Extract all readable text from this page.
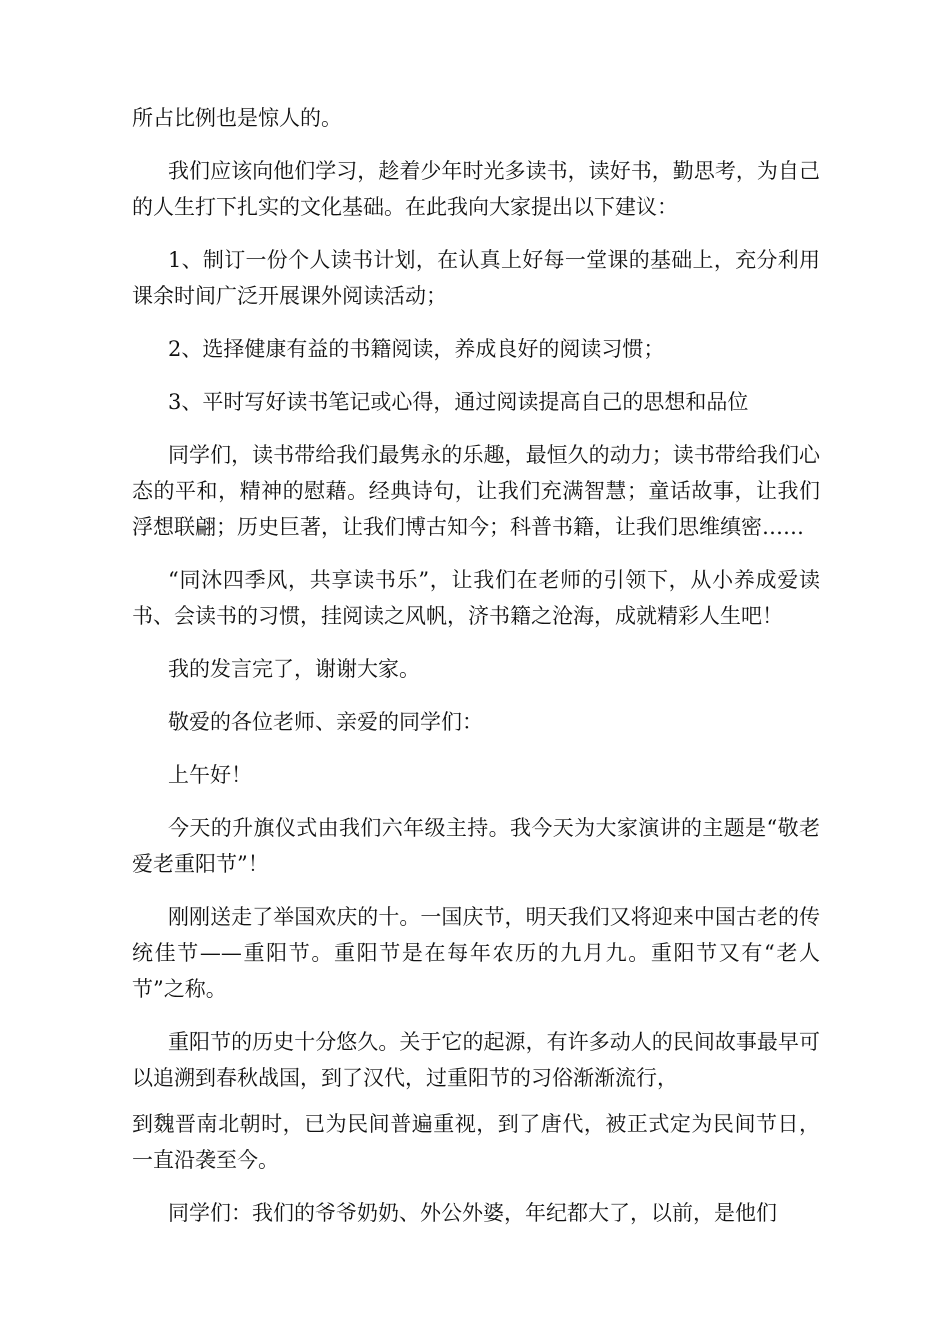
所占比例也是惊人的。

我们应该向他们学习，趁着少年时光多读书，读好书，勤思考，为自己的人生打下扎实的文化基础。在此我向大家提出以下建议：

1、制订一份个人读书计划，在认真上好每一堂课的基础上，充分利用课余时间广泛开展课外阅读活动；

2、选择健康有益的书籍阅读，养成良好的阅读习惯；

3、平时写好读书笔记或心得，通过阅读提高自己的思想和品位

同学们，读书带给我们最隽永的乐趣，最恒久的动力；读书带给我们心态的平和，精神的慰藉。经典诗句，让我们充满智慧；童话故事，让我们浮想联翩；历史巨著，让我们博古知今；科普书籍，让我们思维缜密……

“同沐四季风，共享读书乐”，让我们在老师的引领下，从小养成爱读书、会读书的习惯，挂阅读之风帆，济书籍之沧海，成就精彩人生吧！

我的发言完了，谢谢大家。

敬爱的各位老师、亲爱的同学们：

上午好！

今天的升旗仪式由我们六年级主持。我今天为大家演讲的主题是“敬老爱老重阳节”！

刚刚送走了举国欢庆的十。一国庆节，明天我们又将迎来中国古老的传统佳节——重阳节。重阳节是在每年农历的九月九。重阳节又有“老人节”之称。

重阳节的历史十分悠久。关于它的起源，有许多动人的民间故事最早可以追溯到春秋战国，到了汉代，过重阳节的习俗渐渐流行，

到魏晋南北朝时，已为民间普遍重视，到了唐代，被正式定为民间节日，一直沿袭至今。

同学们：我们的爷爷奶奶、外公外婆，年纪都大了，以前，是他们
